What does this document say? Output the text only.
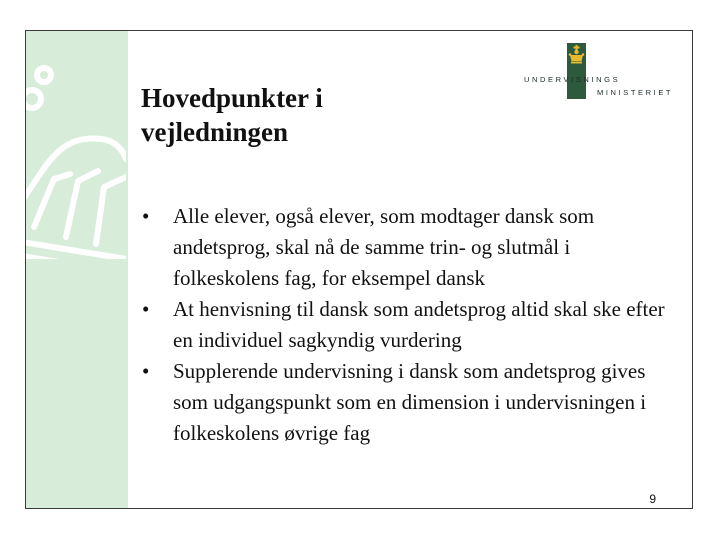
Hovedpunkter i vejledningen
UNDERVISNINGS
MINISTERIET
•	Alle elever, også elever, som modtager dansk som andetsprog, skal nå de samme trin- og slutmål i folkeskolens fag, for eksempel dansk
•	At henvisning til dansk som andetsprog altid skal ske efter en individuel sagkyndig vurdering
•	Supplerende undervisning i dansk som andetsprog gives som udgangspunkt som en dimension i undervisningen i folkeskolens øvrige fag
9
